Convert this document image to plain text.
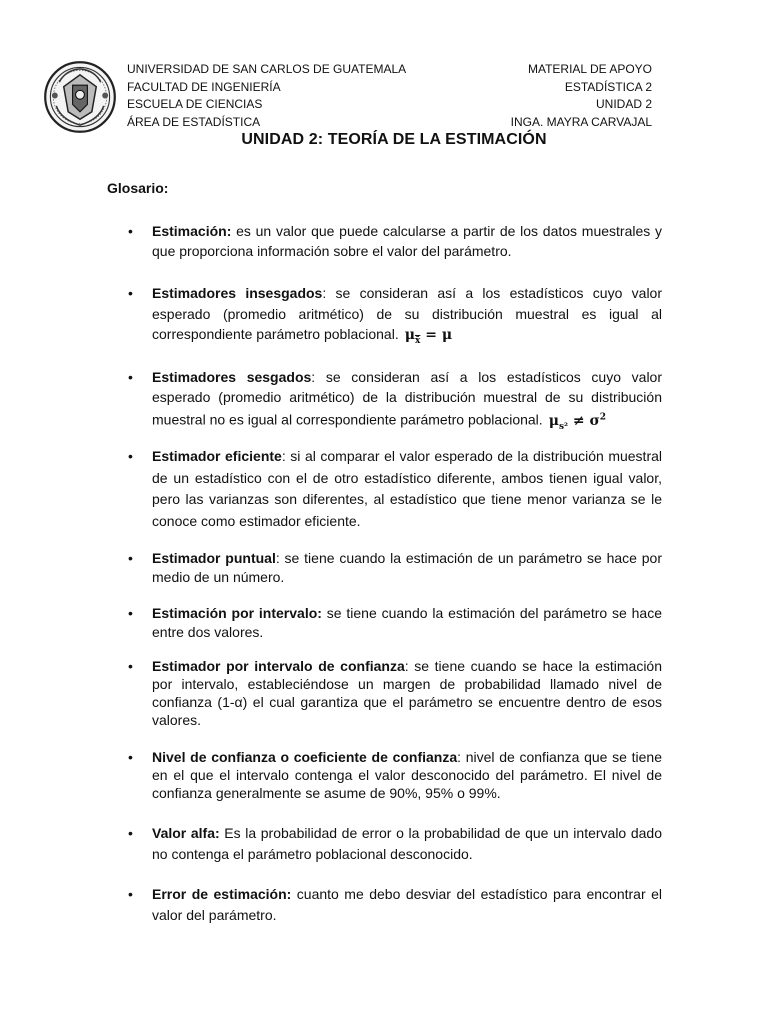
UNIVERSIDAD DE SAN CARLOS DE GUATEMALA
FACULTAD DE INGENIERÍA
ESCUELA DE CIENCIAS
ÁREA DE ESTADÍSTICA
MATERIAL DE APOYO
ESTADÍSTICA 2
UNIDAD 2
INGA. MAYRA CARVAJAL
UNIDAD 2: TEORÍA DE LA ESTIMACIÓN
Glosario:
•	Estimación: es un valor que puede calcularse a partir de los datos muestrales y que proporciona información sobre el valor del parámetro.
•	Estimadores insesgados: se consideran así a los estadísticos cuyo valor esperado (promedio aritmético) de su distribución muestral es igual al correspondiente parámetro poblacional. $\mu_{x̄} = \mu$
•	Estimadores sesgados: se consideran así a los estadísticos cuyo valor esperado (promedio aritmético) de la distribución muestral de su distribución muestral no es igual al correspondiente parámetro poblacional. $\mu_{s^2} \ne \sigma^2$
•	Estimador eficiente: si al comparar el valor esperado de la distribución muestral de un estadístico con el de otro estadístico diferente, ambos tienen igual valor, pero las varianzas son diferentes, al estadístico que tiene menor varianza se le conoce como estimador eficiente.
•	Estimador puntual: se tiene cuando la estimación de un parámetro se hace por medio de un número.
•	Estimación por intervalo: se tiene cuando la estimación del parámetro se hace entre dos valores.
•	Estimador por intervalo de confianza: se tiene cuando se hace la estimación por intervalo, estableciéndose un margen de probabilidad llamado nivel de confianza (1-α) el cual garantiza que el parámetro se encuentre dentro de esos valores.
•	Nivel de confianza o coeficiente de confianza: nivel de confianza que se tiene en el que el intervalo contenga el valor desconocido del parámetro. El nivel de confianza generalmente se asume de 90%, 95% o 99%.
•	Valor alfa: Es la probabilidad de error o la probabilidad de que un intervalo dado no contenga el parámetro poblacional desconocido.
•	Error de estimación: cuanto me debo desviar del estadístico para encontrar el valor del parámetro.
